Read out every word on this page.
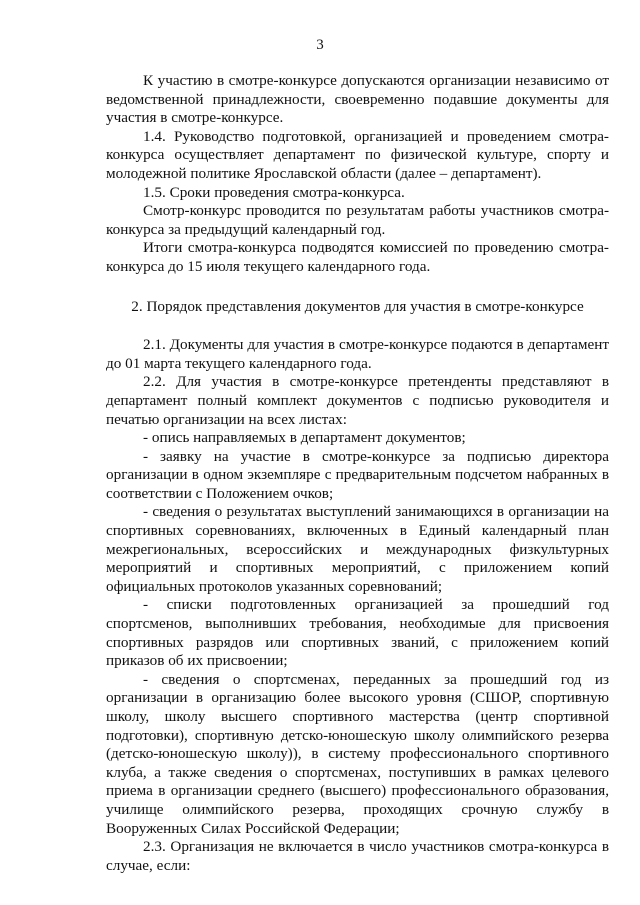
3

К участию в смотре-конкурсе допускаются организации независимо от ведомственной принадлежности, своевременно подавшие документы для участия в смотре-конкурсе.

1.4. Руководство подготовкой, организацией и проведением смотра-конкурса осуществляет департамент по физической культуре, спорту и молодежной политике Ярославской области (далее – департамент).

1.5. Сроки проведения смотра-конкурса.

Смотр-конкурс проводится по результатам работы участников смотра-конкурса за предыдущий календарный год.

Итоги смотра-конкурса подводятся комиссией по проведению смотра-конкурса до 15 июля текущего календарного года.

2. Порядок представления документов для участия в смотре-конкурсе

2.1. Документы для участия в смотре-конкурсе подаются в департамент до 01 марта текущего календарного года.

2.2. Для участия в смотре-конкурсе претенденты представляют в департамент полный комплект документов с подписью руководителя и печатью организации на всех листах:

- опись направляемых в департамент документов;

- заявку на участие в смотре-конкурсе за подписью директора организации в одном экземпляре с предварительным подсчетом набранных в соответствии с Положением очков;

- сведения о результатах выступлений занимающихся в организации на спортивных соревнованиях, включенных в Единый календарный план межрегиональных, всероссийских и международных физкультурных мероприятий и спортивных мероприятий, с приложением копий официальных протоколов указанных соревнований;

- списки подготовленных организацией за прошедший год спортсменов, выполнивших требования, необходимые для присвоения спортивных разрядов или спортивных званий, с приложением копий приказов об их присвоении;

- сведения о спортсменах, переданных за прошедший год из организации в организацию более высокого уровня (СШОР, спортивную школу, школу высшего спортивного мастерства (центр спортивной подготовки), спортивную детско-юношескую школу олимпийского резерва (детско-юношескую школу)), в систему профессионального спортивного клуба, а также сведения о спортсменах, поступивших в рамках целевого приема в организации среднего (высшего) профессионального образования, училище олимпийского резерва, проходящих срочную службу в Вооруженных Силах Российской Федерации;

2.3. Организация не включается в число участников смотра-конкурса в случае, если:
